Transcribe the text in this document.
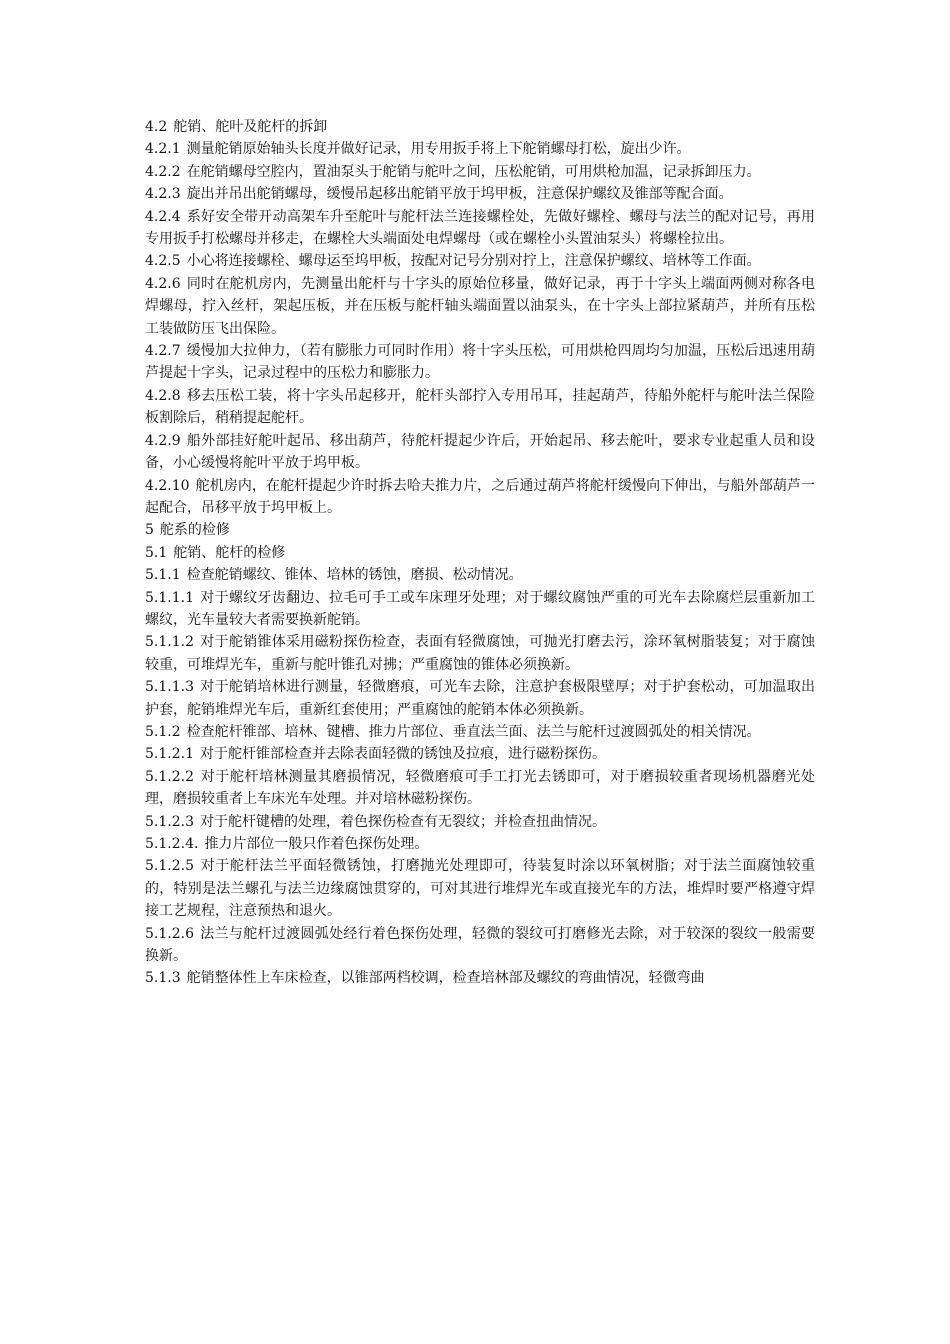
4.2 舵销、舵叶及舵杆的拆卸

4.2.1 测量舵销原始轴头长度并做好记录，用专用扳手将上下舵销螺母打松，旋出少许。

4.2.2 在舵销螺母空腔内，置油泵头于舵销与舵叶之间，压松舵销，可用烘枪加温，记录拆卸压力。

4.2.3 旋出并吊出舵销螺母，缓慢吊起移出舵销平放于坞甲板，注意保护螺纹及锥部等配合面。

4.2.4 系好安全带开动高架车升至舵叶与舵杆法兰连接螺栓处，先做好螺栓、螺母与法兰的配对记号，再用专用扳手打松螺母并移走，在螺栓大头端面处电焊螺母（或在螺栓小头置油泵头）将螺栓拉出。

4.2.5 小心将连接螺栓、螺母运至坞甲板，按配对记号分别对拧上，注意保护螺纹、培林等工作面。

4.2.6 同时在舵机房内，先测量出舵杆与十字头的原始位移量，做好记录，再于十字头上端面两侧对称各电焊螺母，拧入丝杆，架起压板，并在压板与舵杆轴头端面置以油泵头，在十字头上部拉紧葫芦，并所有压松工装做防压飞出保险。

4.2.7 缓慢加大拉伸力，（若有膨胀力可同时作用）将十字头压松，可用烘枪四周均匀加温，压松后迅速用葫芦提起十字头，记录过程中的压松力和膨胀力。

4.2.8 移去压松工装，将十字头吊起移开，舵杆头部拧入专用吊耳，挂起葫芦，待船外舵杆与舵叶法兰保险板割除后，稍稍提起舵杆。

4.2.9 船外部挂好舵叶起吊、移出葫芦，待舵杆提起少许后，开始起吊、移去舵叶，要求专业起重人员和设备，小心缓慢将舵叶平放于坞甲板。

4.2.10 舵机房内，在舵杆提起少许时拆去哈夫推力片，之后通过葫芦将舵杆缓慢向下伸出，与船外部葫芦一起配合，吊移平放于坞甲板上。

5 舵系的检修

5.1 舵销、舵杆的检修

5.1.1 检查舵销螺纹、锥体、培林的锈蚀，磨损、松动情况。

5.1.1.1 对于螺纹牙齿翻边、拉毛可手工或车床理牙处理；对于螺纹腐蚀严重的可光车去除腐烂层重新加工螺纹，光车量较大者需要换新舵销。

5.1.1.2 对于舵销锥体采用磁粉探伤检查，表面有轻微腐蚀，可抛光打磨去污，涂环氧树脂装复；对于腐蚀较重，可堆焊光车，重新与舵叶锥孔对拂；严重腐蚀的锥体必须换新。

5.1.1.3 对于舵销培林进行测量，轻微磨痕，可光车去除，注意护套极限壁厚；对于护套松动，可加温取出护套，舵销堆焊光车后，重新红套使用；严重腐蚀的舵销本体必须换新。

5.1.2 检查舵杆锥部、培林、键槽、推力片部位、垂直法兰面、法兰与舵杆过渡圆弧处的相关情况。

5.1.2.1 对于舵杆锥部检查并去除表面轻微的锈蚀及拉痕，进行磁粉探伤。

5.1.2.2 对于舵杆培林测量其磨损情况，轻微磨痕可手工打光去锈即可，对于磨损较重者现场机器磨光处理，磨损较重者上车床光车处理。并对培林磁粉探伤。

5.1.2.3 对于舵杆键槽的处理，着色探伤检查有无裂纹；并检查扭曲情况。

5.1.2.4. 推力片部位一般只作着色探伤处理。

5.1.2.5 对于舵杆法兰平面轻微锈蚀，打磨抛光处理即可，待装复时涂以环氧树脂；对于法兰面腐蚀较重的，特别是法兰螺孔与法兰边缘腐蚀贯穿的，可对其进行堆焊光车或直接光车的方法，堆焊时要严格遵守焊接工艺规程，注意预热和退火。

5.1.2.6 法兰与舵杆过渡圆弧处经行着色探伤处理，轻微的裂纹可打磨修光去除，对于较深的裂纹一般需要换新。

5.1.3 舵销整体性上车床检查，以锥部两档校调，检查培林部及螺纹的弯曲情况，轻微弯曲
